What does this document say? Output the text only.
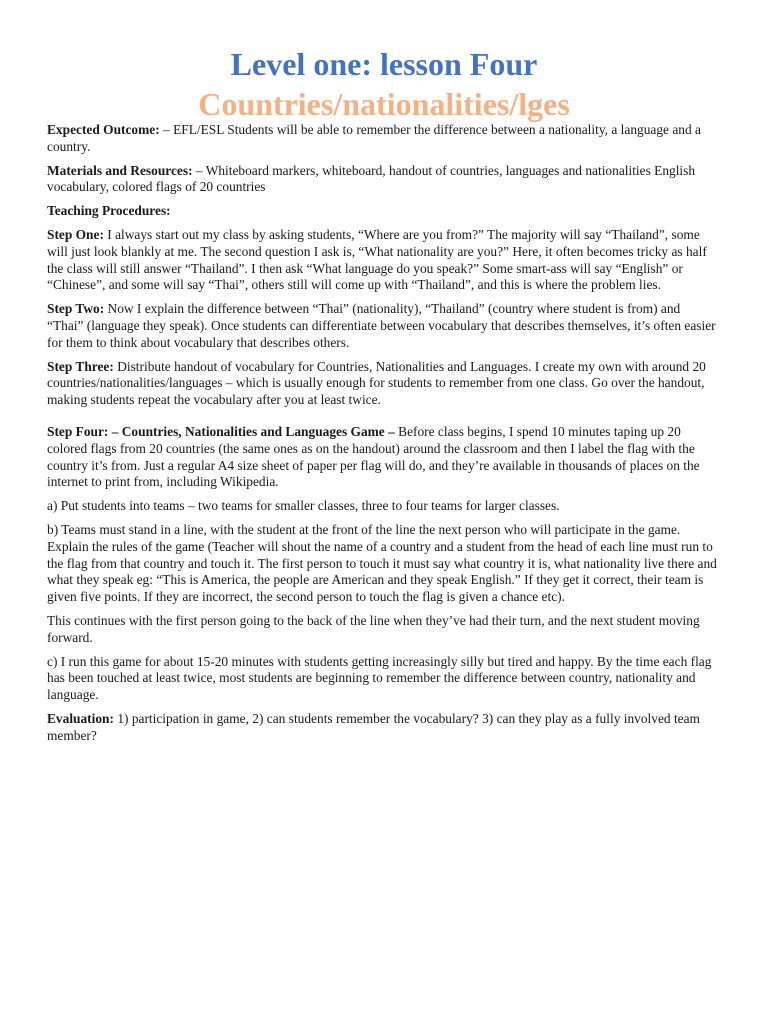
Level one: lesson Four
Countries/nationalities/lges

Expected Outcome: – EFL/ESL Students will be able to remember the difference between a nationality, a language and a country.

Materials and Resources: – Whiteboard markers, whiteboard, handout of countries, languages and nationalities English vocabulary, colored flags of 20 countries

Teaching Procedures:

Step One: I always start out my class by asking students, “Where are you from?” The majority will say “Thailand”, some will just look blankly at me. The second question I ask is, “What nationality are you?” Here, it often becomes tricky as half the class will still answer “Thailand”. I then ask “What language do you speak?” Some smart-ass will say “English” or “Chinese”, and some will say “Thai”, others still will come up with “Thailand”, and this is where the problem lies.

Step Two: Now I explain the difference between “Thai” (nationality), “Thailand” (country where student is from) and “Thai” (language they speak). Once students can differentiate between vocabulary that describes themselves, it’s often easier for them to think about vocabulary that describes others.

Step Three: Distribute handout of vocabulary for Countries, Nationalities and Languages. I create my own with around 20 countries/nationalities/languages – which is usually enough for students to remember from one class. Go over the handout, making students repeat the vocabulary after you at least twice.

Step Four: – Countries, Nationalities and Languages Game – Before class begins, I spend 10 minutes taping up 20 colored flags from 20 countries (the same ones as on the handout) around the classroom and then I label the flag with the country it’s from. Just a regular A4 size sheet of paper per flag will do, and they’re available in thousands of places on the internet to print from, including Wikipedia.

a) Put students into teams – two teams for smaller classes, three to four teams for larger classes.

b) Teams must stand in a line, with the student at the front of the line the next person who will participate in the game. Explain the rules of the game (Teacher will shout the name of a country and a student from the head of each line must run to the flag from that country and touch it. The first person to touch it must say what country it is, what nationality live there and what they speak eg: “This is America, the people are American and they speak English.” If they get it correct, their team is given five points. If they are incorrect, the second person to touch the flag is given a chance etc).

This continues with the first person going to the back of the line when they’ve had their turn, and the next student moving forward.

c) I run this game for about 15-20 minutes with students getting increasingly silly but tired and happy. By the time each flag has been touched at least twice, most students are beginning to remember the difference between country, nationality and language.

Evaluation: 1) participation in game, 2) can students remember the vocabulary? 3) can they play as a fully involved team member?
